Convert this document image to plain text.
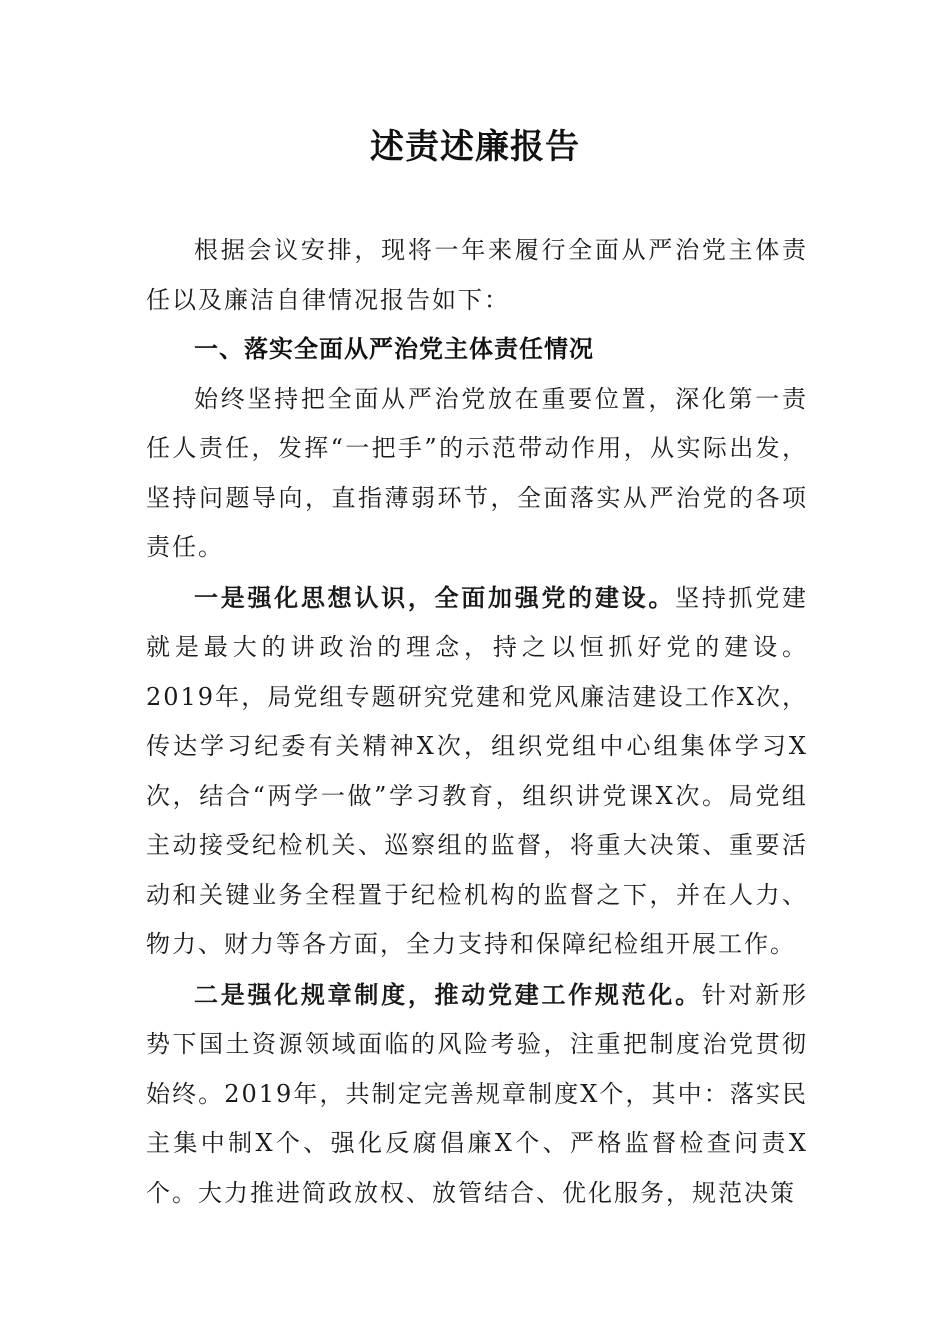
述责述廉报告

根据会议安排，现将一年来履行全面从严治党主体责任以及廉洁自律情况报告如下：

一、落实全面从严治党主体责任情况

始终坚持把全面从严治党放在重要位置，深化第一责任人责任，发挥“一把手”的示范带动作用，从实际出发，坚持问题导向，直指薄弱环节，全面落实从严治党的各项责任。

一是强化思想认识，全面加强党的建设。坚持抓党建就是最大的讲政治的理念，持之以恒抓好党的建设。2019年，局党组专题研究党建和党风廉洁建设工作X次，传达学习纪委有关精神X次，组织党组中心组集体学习X次，结合“两学一做”学习教育，组织讲党课X次。局党组主动接受纪检机关、巡察组的监督，将重大决策、重要活动和关键业务全程置于纪检机构的监督之下，并在人力、物力、财力等各方面，全力支持和保障纪检组开展工作。

二是强化规章制度，推动党建工作规范化。针对新形势下国土资源领域面临的风险考验，注重把制度治党贯彻始终。2019年，共制定完善规章制度X个，其中：落实民主集中制X个、强化反腐倡廉X个、严格监督检查问责X个。大力推进简政放权、放管结合、优化服务，规范决策
